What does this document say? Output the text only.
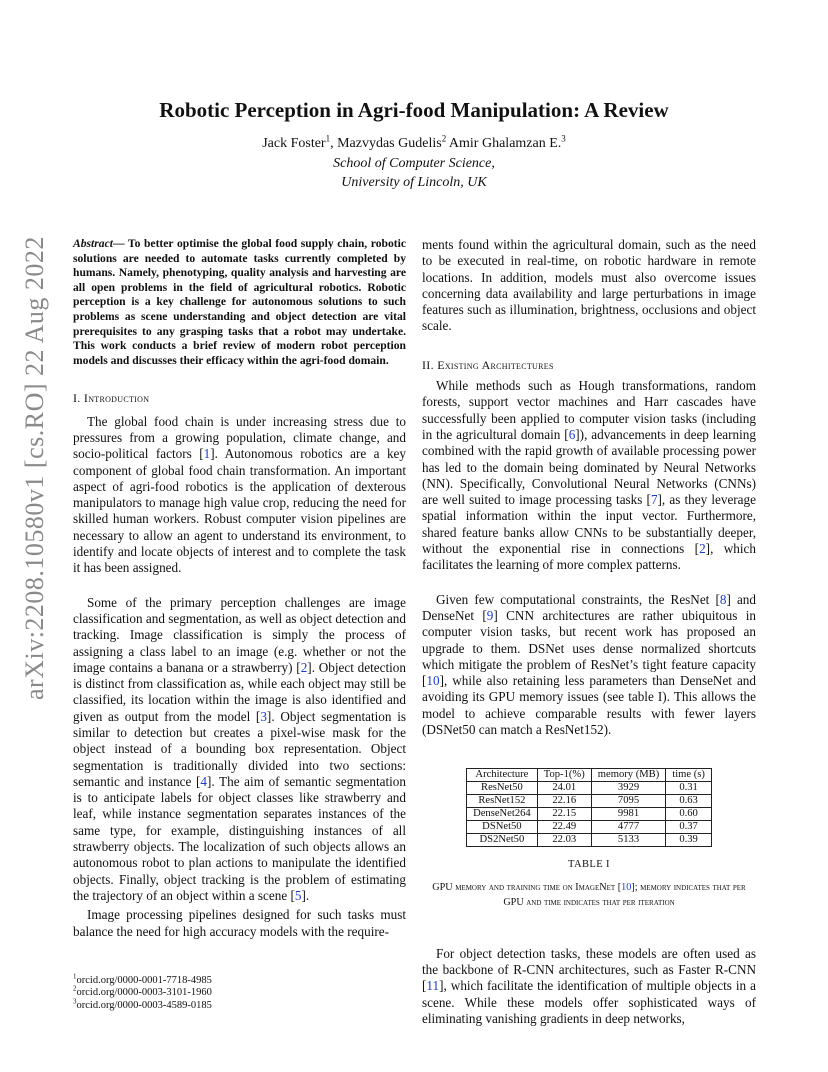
arXiv:2208.10580v1 [cs.RO] 22 Aug 2022
Robotic Perception in Agri-food Manipulation: A Review
Jack Foster$^1$, Mazvydas Gudelis$^2$ Amir Ghalamzan E.$^3$
School of Computer Science,
University of Lincoln, UK

Abstract— To better optimise the global food supply chain, robotic solutions are needed to automate tasks currently completed by humans. Namely, phenotyping, quality analysis and harvesting are all open problems in the field of agricultural robotics. Robotic perception is a key challenge for autonomous solutions to such problems as scene understanding and object detection are vital prerequisites to any grasping tasks that a robot may undertake. This work conducts a brief review of modern robot perception models and discusses their efficacy within the agri-food domain.

I. Introduction

The global food chain is under increasing stress due to pressures from a growing population, climate change, and socio-political factors [1]. Autonomous robotics are a key component of global food chain transformation. An important aspect of agri-food robotics is the application of dexterous manipulators to manage high value crop, reducing the need for skilled human workers. Robust computer vision pipelines are necessary to allow an agent to understand its environment, to identify and locate objects of interest and to complete the task it has been assigned.

Some of the primary perception challenges are image classification and segmentation, as well as object detection and tracking. Image classification is simply the process of assigning a class label to an image (e.g. whether or not the image contains a banana or a strawberry) [2]. Object detection is distinct from classification as, while each object may still be classified, its location within the image is also identified and given as output from the model [3]. Object segmentation is similar to detection but creates a pixel-wise mask for the object instead of a bounding box representation. Object segmentation is traditionally divided into two sections: semantic and instance [4]. The aim of semantic segmentation is to anticipate labels for object classes like strawberry and leaf, while instance segmentation separates instances of the same type, for example, distinguishing instances of all strawberry objects. The localization of such objects allows an autonomous robot to plan actions to manipulate the identified objects. Finally, object tracking is the problem of estimating the trajectory of an object within a scene [5].

Image processing pipelines designed for such tasks must balance the need for high accuracy models with the require-

$^1$orcid.org/0000-0001-7718-4985
$^2$orcid.org/0000-0003-3101-1960
$^3$orcid.org/0000-0003-4589-0185

ments found within the agricultural domain, such as the need to be executed in real-time, on robotic hardware in remote locations. In addition, models must also overcome issues concerning data availability and large perturbations in image features such as illumination, brightness, occlusions and object scale.

II. Existing Architectures

While methods such as Hough transformations, random forests, support vector machines and Harr cascades have successfully been applied to computer vision tasks (including in the agricultural domain [6]), advancements in deep learning combined with the rapid growth of available processing power has led to the domain being dominated by Neural Networks (NN). Specifically, Convolutional Neural Networks (CNNs) are well suited to image processing tasks [7], as they leverage spatial information within the input vector. Furthermore, shared feature banks allow CNNs to be substantially deeper, without the exponential rise in connections [2], which facilitates the learning of more complex patterns.

Given few computational constraints, the ResNet [8] and DenseNet [9] CNN architectures are rather ubiquitous in computer vision tasks, but recent work has proposed an upgrade to them. DSNet uses dense normalized shortcuts which mitigate the problem of ResNet’s tight feature capacity [10], while also retaining less parameters than DenseNet and avoiding its GPU memory issues (see table I). This allows the model to achieve comparable results with fewer layers (DSNet50 can match a ResNet152).

Architecture	Top-1(%)	memory (MB)	time (s)
ResNet50	24.01	3929	0.31
ResNet152	22.16	7095	0.63
DenseNet264	22.15	9981	0.60
DSNet50	22.49	4777	0.37
DS2Net50	22.03	5133	0.39
TABLE I
GPU memory and training time on ImageNet [10]; memory indicates that per GPU and time indicates that per iteration

For object detection tasks, these models are often used as the backbone of R-CNN architectures, such as Faster R-CNN [11], which facilitate the identification of multiple objects in a scene. While these models offer sophisticated ways of eliminating vanishing gradients in deep networks,
